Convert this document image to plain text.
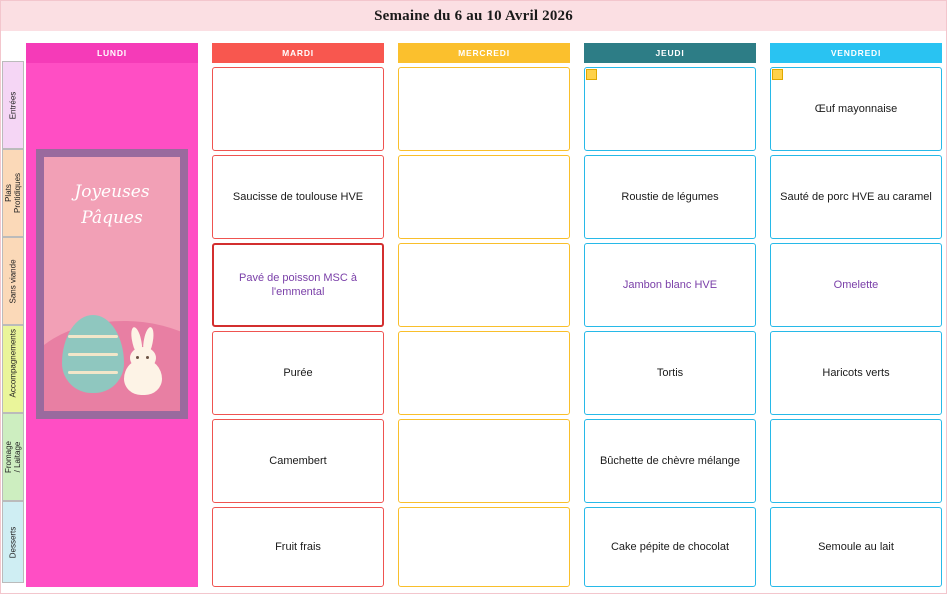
Semaine du 6 au 10 Avril 2026
Entrées
Plats Protidiques
Sans viande
Accompagnements
Fromage / Laitage
Desserts
LUNDI
Joyeuses
Pâques
MARDI
Saucisse de toulouse HVE
Pavé de poisson MSC à l'emmental
Purée
Camembert
Fruit frais
MERCREDI	JEUDI
Roustie de légumes
Jambon blanc HVE
Tortis
Bûchette de chèvre mélange
Cake pépite de chocolat
VENDREDI
Œuf mayonnaise
Sauté de porc HVE au caramel
Omelette
Haricots verts
Semoule au lait
